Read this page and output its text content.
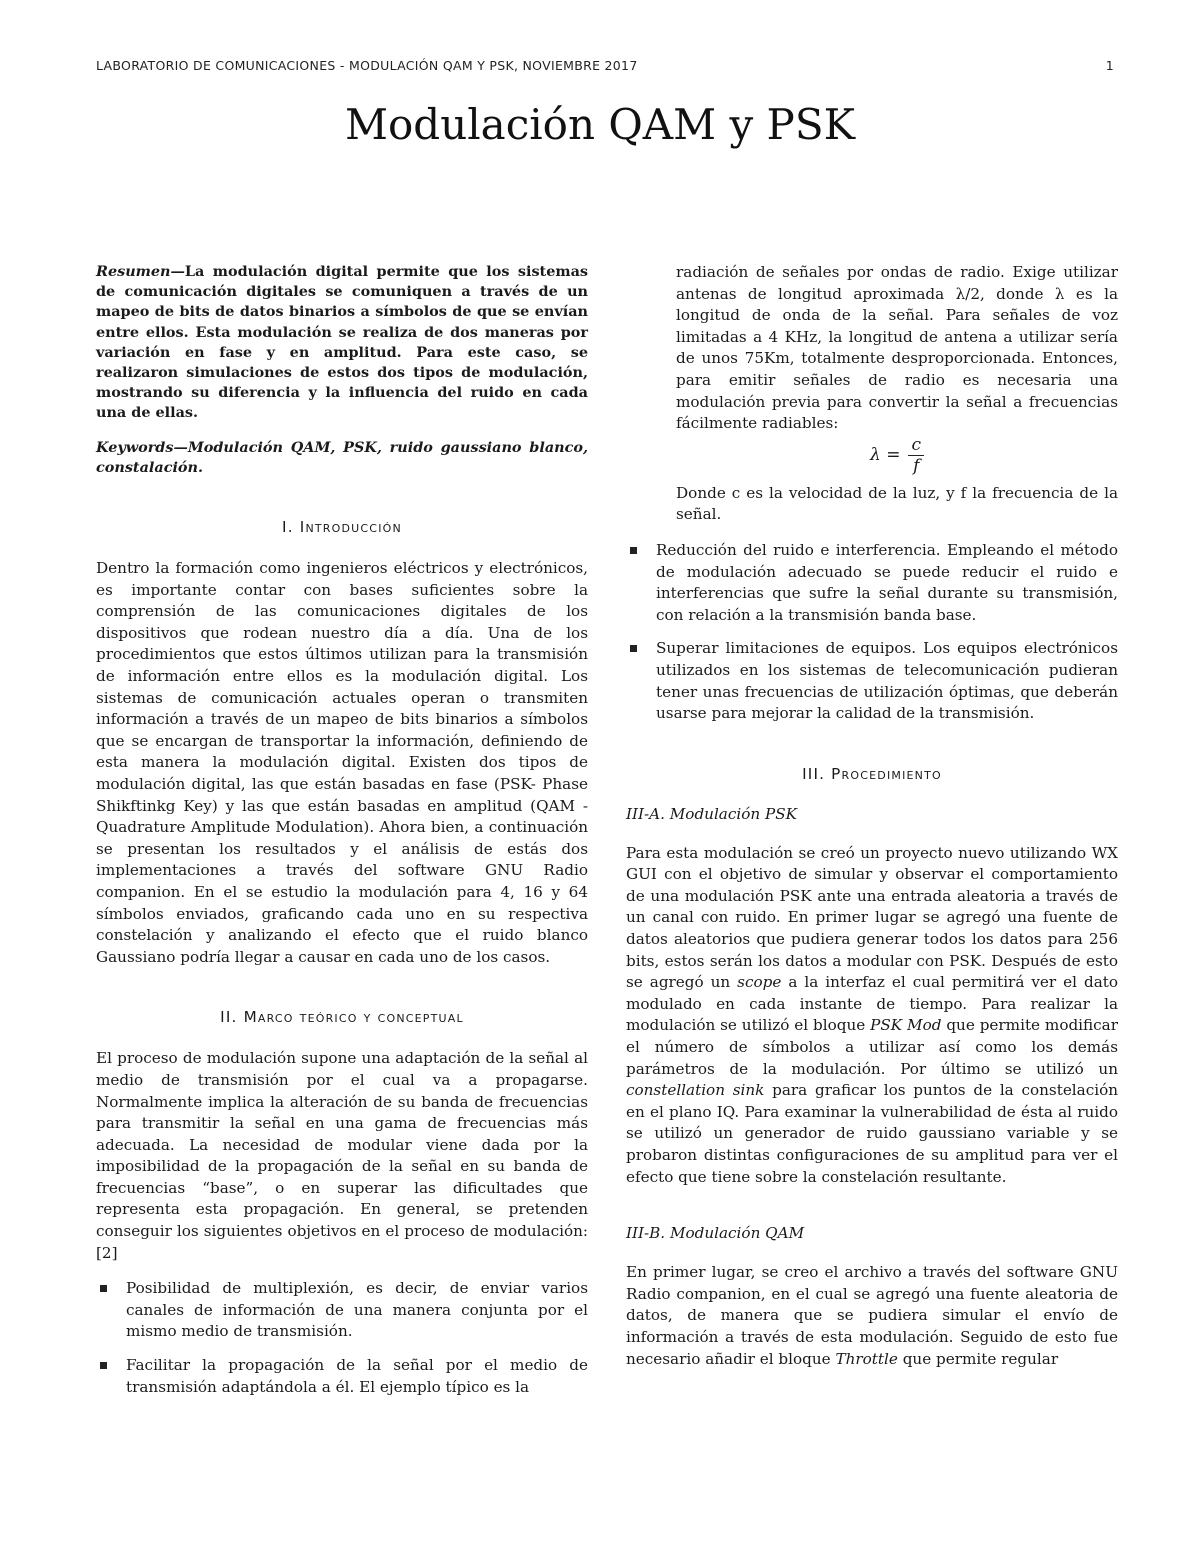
LABORATORIO DE COMUNICACIONES - MODULACIÓN QAM Y PSK, NOVIEMBRE 2017	1
Modulación QAM y PSK

Resumen—La modulación digital permite que los sistemas de comunicación digitales se comuniquen a través de un mapeo de bits de datos binarios a símbolos de que se envían entre ellos. Esta modulación se realiza de dos maneras por variación en fase y en amplitud. Para este caso, se realizaron simulaciones de estos dos tipos de modulación, mostrando su diferencia y la influencia del ruido en cada una de ellas.

Keywords—Modulación QAM, PSK, ruido gaussiano blanco, constalación.

I. Introducción

Dentro la formación como ingenieros eléctricos y electrónicos, es importante contar con bases suficientes sobre la comprensión de las comunicaciones digitales de los dispositivos que rodean nuestro día a día. Una de los procedimientos que estos últimos utilizan para la transmisión de información entre ellos es la modulación digital. Los sistemas de comunicación actuales operan o transmiten información a través de un mapeo de bits binarios a símbolos que se encargan de transportar la información, definiendo de esta manera la modulación digital. Existen dos tipos de modulación digital, las que están basadas en fase (PSK- Phase Shikftinkg Key) y las que están basadas en amplitud (QAM - Quadrature Amplitude Modulation). Ahora bien, a continuación se presentan los resultados y el análisis de estás dos implementaciones a través del software GNU Radio companion. En el se estudio la modulación para 4, 16 y 64 símbolos enviados, graficando cada uno en su respectiva constelación y analizando el efecto que el ruido blanco Gaussiano podría llegar a causar en cada uno de los casos.

II. Marco teórico y conceptual

El proceso de modulación supone una adaptación de la señal al medio de transmisión por el cual va a propagarse. Normalmente implica la alteración de su banda de frecuencias para transmitir la señal en una gama de frecuencias más adecuada. La necesidad de modular viene dada por la imposibilidad de la propagación de la señal en su banda de frecuencias “base”, o en superar las dificultades que representa esta propagación. En general, se pretenden conseguir los siguientes objetivos en el proceso de modulación:[2]

Posibilidad de multiplexión, es decir, de enviar varios canales de información de una manera conjunta por el mismo medio de transmisión.

Facilitar la propagación de la señal por el medio de transmisión adaptándola a él. El ejemplo típico es la

radiación de señales por ondas de radio. Exige utilizar antenas de longitud aproximada λ/2, donde λ es la longitud de onda de la señal. Para señales de voz limitadas a 4 KHz, la longitud de antena a utilizar sería de unos 75Km, totalmente desproporcionada. Entonces, para emitir señales de radio es necesaria una modulación previa para convertir la señal a frecuencias fácilmente radiables:

$\lambda = \frac{c}{f}$

Donde c es la velocidad de la luz, y f la frecuencia de la señal.

Reducción del ruido e interferencia. Empleando el método de modulación adecuado se puede reducir el ruido e interferencias que sufre la señal durante su transmisión, con relación a la transmisión banda base.

Superar limitaciones de equipos. Los equipos electrónicos utilizados en los sistemas de telecomunicación pudieran tener unas frecuencias de utilización óptimas, que deberán usarse para mejorar la calidad de la transmisión.

III. Procedimiento
III-A. Modulación PSK

Para esta modulación se creó un proyecto nuevo utilizando WX GUI con el objetivo de simular y observar el comportamiento de una modulación PSK ante una entrada aleatoria a través de un canal con ruido. En primer lugar se agregó una fuente de datos aleatorios que pudiera generar todos los datos para 256 bits, estos serán los datos a modular con PSK. Después de esto se agregó un scope a la interfaz el cual permitirá ver el dato modulado en cada instante de tiempo. Para realizar la modulación se utilizó el bloque PSK Mod que permite modificar el número de símbolos a utilizar así como los demás parámetros de la modulación. Por último se utilizó un constellation sink para graficar los puntos de la constelación en el plano IQ. Para examinar la vulnerabilidad de ésta al ruido se utilizó un generador de ruido gaussiano variable y se probaron distintas configuraciones de su amplitud para ver el efecto que tiene sobre la constelación resultante.

III-B. Modulación QAM

En primer lugar, se creo el archivo a través del software GNU Radio companion, en el cual se agregó una fuente aleatoria de datos, de manera que se pudiera simular el envío de información a través de esta modulación. Seguido de esto fue necesario añadir el bloque Throttle que permite regular
